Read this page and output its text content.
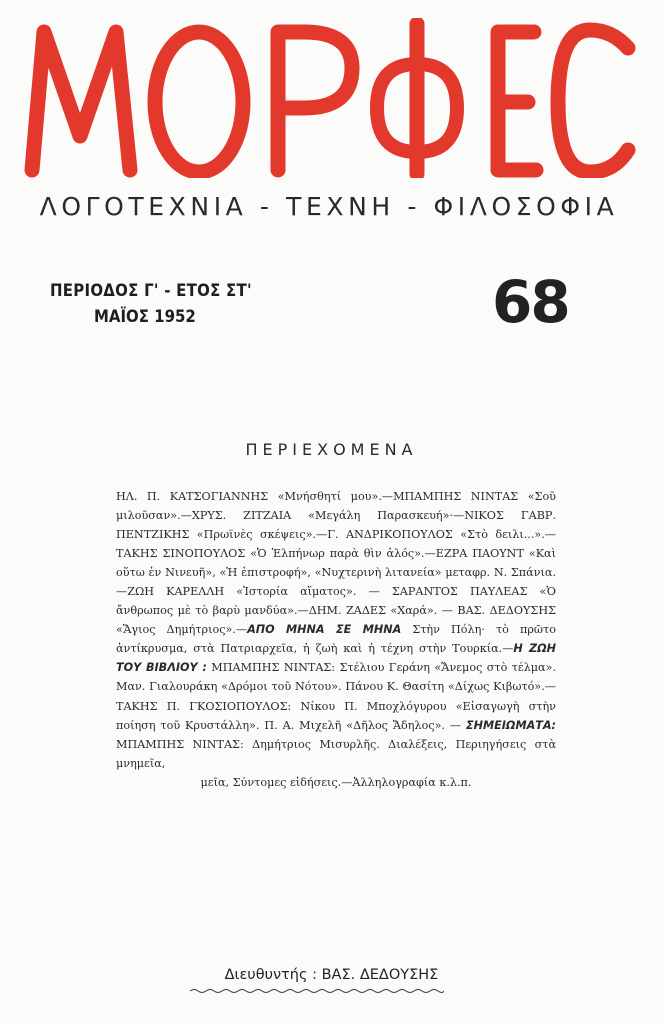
ΛΟΓΟΤΕΧΝΙΑ - ΤΕΧΝΗ - ΦΙΛΟΣΟΦΙΑ
ΠΕΡΙΟΔΟΣ Γ' - ΕΤΟΣ ΣΤ'
ΜΑΪΟΣ 1952	68
ΠΕΡΙΕΧΟΜΕΝΑ

ΗΛ. Π. ΚΑΤΣΟΓΙΑΝΝΗΣ «Μνήσθητί μου».—ΜΠΑΜΠΗΣ ΝΙΝΤΑΣ «Σοῦ μιλοῦσαν».—ΧΡΥΣ. ΖΙΤΖΑΙΑ «Μεγάλη Παρασκευή»·—ΝΙΚΟΣ ΓΑΒΡ. ΠΕΝΤΖΙΚΗΣ «Πρωϊνὲς σκέψεις».—Γ. ΑΝΔΡΙΚΟΠΟΥΛΟΣ «Στὸ δειλι...».—ΤΑΚΗΣ ΣΙΝΟΠΟΥΛΟΣ «Ὁ Ἐλπήνωρ παρὰ θὶν ἁλός».—ΕΖΡΑ ΠΑΟΥΝΤ «Καὶ οὕτω ἐν Νινευῆ», «Ἡ ἐπιστροφή», «Νυχτερινὴ λιτανεία» μεταφρ. Ν. Σπάνια.—ΖΩΗ ΚΑΡΕΛΛΗ «Ἱστορία αἵματος». — ΣΑΡΑΝΤΟΣ ΠΑΥΛΕΑΣ «Ὁ ἄνθρωπος μὲ τὸ βαρὺ μανδύα».—ΔΗΜ. ΖΑΔΕΣ «Χαρά». — ΒΑΣ. ΔΕΔΟΥΣΗΣ «Ἅγιος Δημήτριος».—ΑΠΟ ΜΗΝΑ ΣΕ ΜΗΝΑ Στὴν Πόλη· τὸ πρῶτο ἀντίκρυσμα, στὰ Πατριαρχεῖα, ἡ ζωὴ καὶ ἡ τέχνη στὴν Τουρκία.—Η ΖΩΗ ΤΟΥ ΒΙΒΛΙΟΥ : ΜΠΑΜΠΗΣ ΝΙΝΤΑΣ: Στέλιου Γεράνη «Ἄνεμος στὸ τέλμα». Μαν. Γιαλουράκη «Δρόμοι τοῦ Νότου». Πάνου Κ. Θασίτη «Δίχως Κιβωτό».—ΤΑΚΗΣ Π. ΓΚΟΣΙΟΠΟΥΛΟΣ: Νίκου Π. Μποχλόγυρου «Εἰσαγωγὴ στὴν ποίηση τοῦ Κρυστάλλη». Π. Α. Μιχελῆ «Δῆλος Ἄδηλος». — ΣΗΜΕΙΩΜΑΤΑ: ΜΠΑΜΠΗΣ ΝΙΝΤΑΣ: Δημήτριος Μισυρλῆς. Διαλέξεις, Περιηγήσεις στὰ μνημεῖα,
μεῖα, Σύντομες εἰδήσεις.—Ἀλληλογραφία κ.λ.π.

Διευθυντής : ΒΑΣ. ΔΕΔΟΥΣΗΣ
